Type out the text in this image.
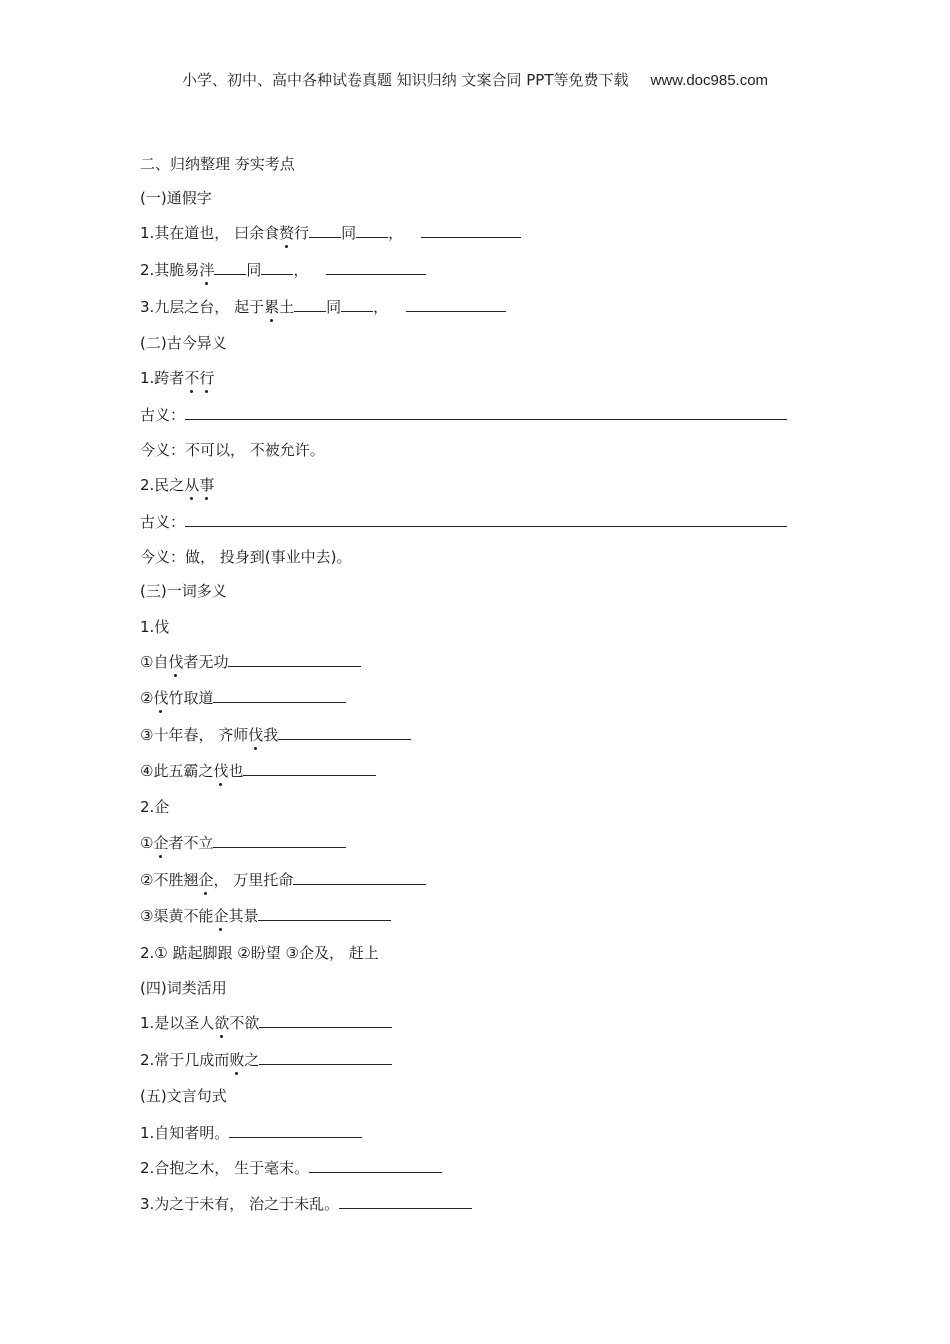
小学、初中、高中各种试卷真题 知识归纳 文案合同 PPT等免费下载 www.doc985.com
二、归纳整理 夯实考点
(一)通假字
1.其在道也， 曰余食赘行 同 ，
2.其脆易泮 同 ，
3.九层之台， 起于累土 同 ，
(二)古今异义
1.跨者不行
古义：
今义：不可以， 不被允许。
2.民之从事
古义：
今义：做， 投身到(事业中去)。
(三)一词多义
1.伐
①自伐者无功
②伐竹取道
③十年春， 齐师伐我
④此五霸之伐也
2.企
①企者不立
②不胜翘企， 万里托命
③渠黄不能企其景
2.① 踮起脚跟 ②盼望 ③企及， 赶上
(四)词类活用
1.是以圣人欲不欲
2.常于几成而败之
(五)文言句式
1.自知者明。
2.合抱之木， 生于毫末。
3.为之于未有， 治之于未乱。
